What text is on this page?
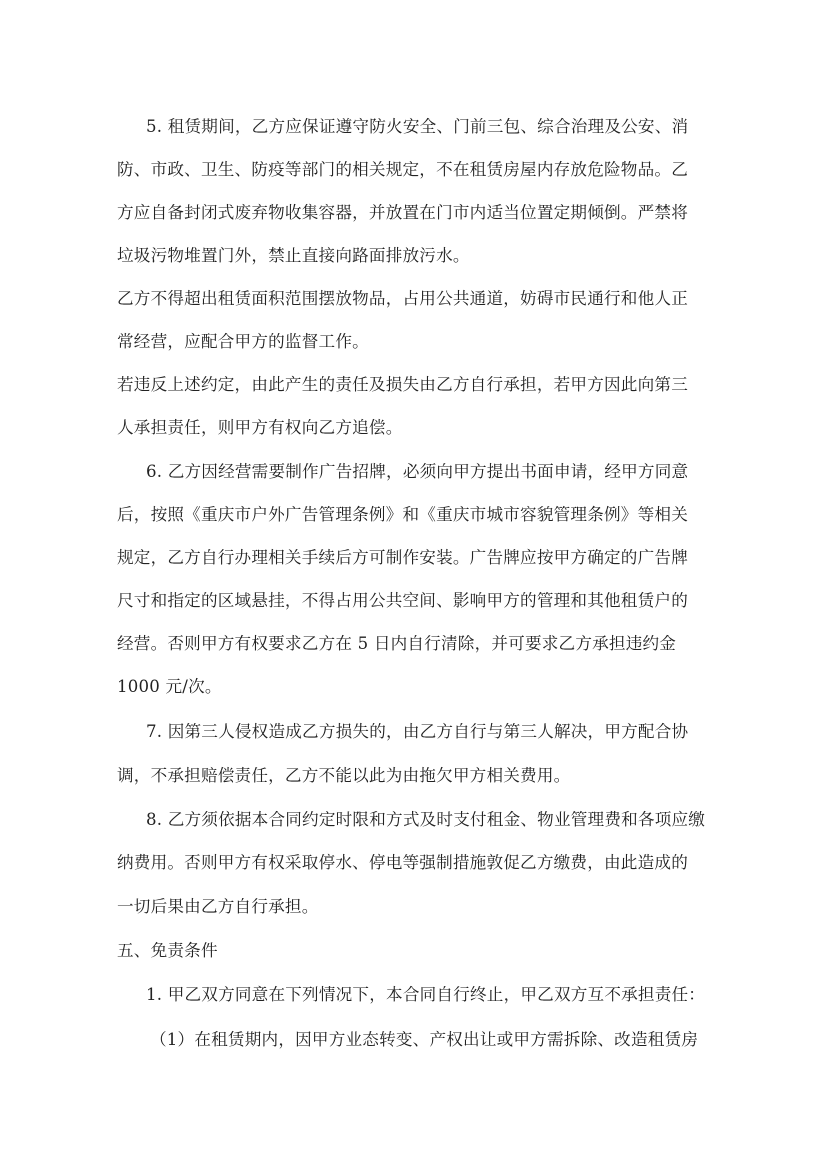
5. 租赁期间，乙方应保证遵守防火安全、门前三包、综合治理及公安、消
防、市政、卫生、防疫等部门的相关规定，不在租赁房屋内存放危险物品。乙
方应自备封闭式废弃物收集容器，并放置在门市内适当位置定期倾倒。严禁将
垃圾污物堆置门外，禁止直接向路面排放污水。
乙方不得超出租赁面积范围摆放物品，占用公共通道，妨碍市民通行和他人正
常经营，应配合甲方的监督工作。
若违反上述约定，由此产生的责任及损失由乙方自行承担，若甲方因此向第三
人承担责任，则甲方有权向乙方追偿。
6. 乙方因经营需要制作广告招牌，必须向甲方提出书面申请，经甲方同意
后，按照《重庆市户外广告管理条例》和《重庆市城市容貌管理条例》等相关
规定，乙方自行办理相关手续后方可制作安装。广告牌应按甲方确定的广告牌
尺寸和指定的区域悬挂，不得占用公共空间、影响甲方的管理和其他租赁户的
经营。否则甲方有权要求乙方在 5 日内自行清除，并可要求乙方承担违约金
1000 元/次。
7. 因第三人侵权造成乙方损失的，由乙方自行与第三人解决，甲方配合协
调，不承担赔偿责任，乙方不能以此为由拖欠甲方相关费用。
8. 乙方须依据本合同约定时限和方式及时支付租金、物业管理费和各项应缴
纳费用。否则甲方有权采取停水、停电等强制措施敦促乙方缴费，由此造成的
一切后果由乙方自行承担。
五、免责条件
1. 甲乙双方同意在下列情况下，本合同自行终止，甲乙双方互不承担责任：
（1）在租赁期内，因甲方业态转变、产权出让或甲方需拆除、改造租赁房
